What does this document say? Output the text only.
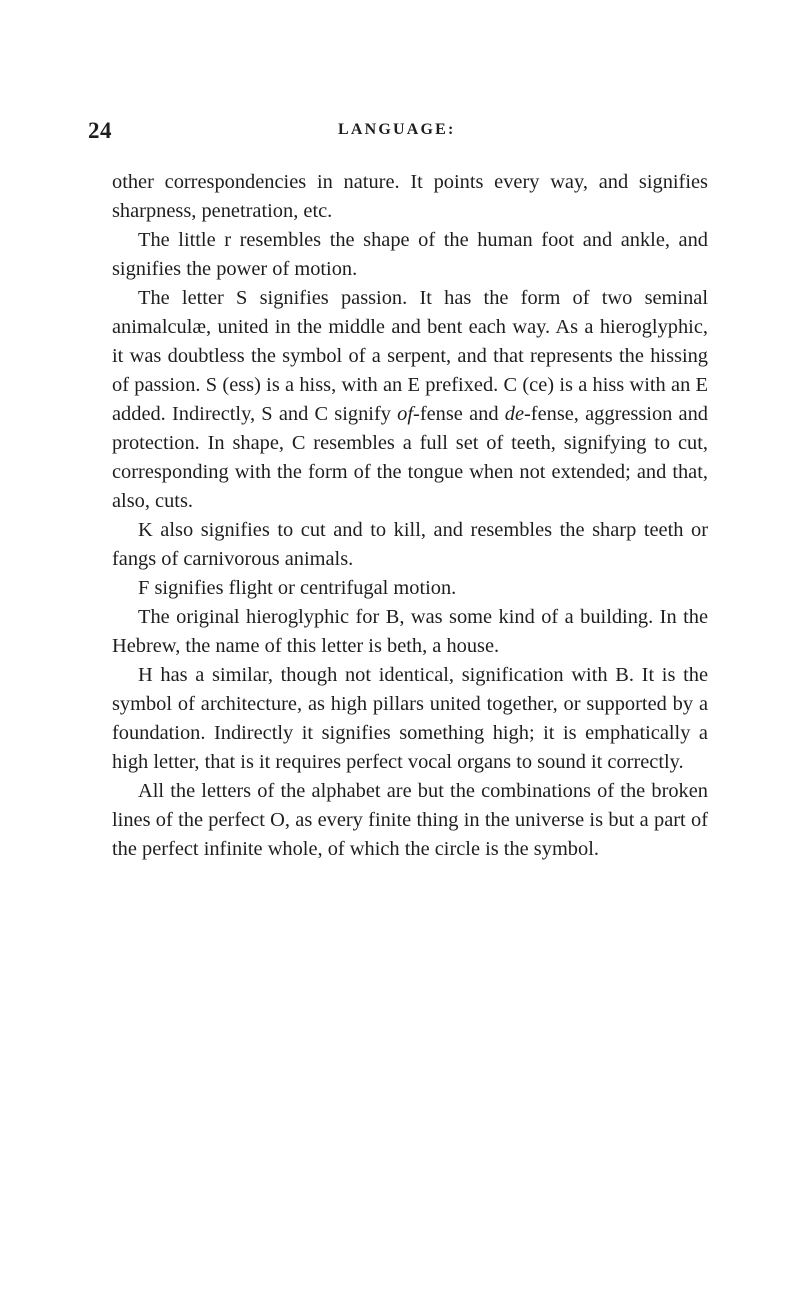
24	LANGUAGE:

other correspondencies in nature. It points every way, and signifies sharpness, penetration, etc.

The little r resembles the shape of the human foot and ankle, and signifies the power of motion.

The letter S signifies passion. It has the form of two seminal animalculæ, united in the middle and bent each way. As a hieroglyphic, it was doubtless the symbol of a serpent, and that represents the hissing of passion. S (ess) is a hiss, with an E prefixed. C (ce) is a hiss with an E added. Indirectly, S and C signify of-fense and de-fense, aggression and protection. In shape, C resembles a full set of teeth, signifying to cut, corresponding with the form of the tongue when not extended; and that, also, cuts.

K also signifies to cut and to kill, and resembles the sharp teeth or fangs of carnivorous animals.

F signifies flight or centrifugal motion.

The original hieroglyphic for B, was some kind of a building. In the Hebrew, the name of this letter is beth, a house.

H has a similar, though not identical, signification with B. It is the symbol of architecture, as high pillars united together, or supported by a foundation. Indirectly it signifies something high; it is emphatically a high letter, that is it requires perfect vocal organs to sound it correctly.

All the letters of the alphabet are but the combinations of the broken lines of the perfect O, as every finite thing in the universe is but a part of the perfect infinite whole, of which the circle is the symbol.
